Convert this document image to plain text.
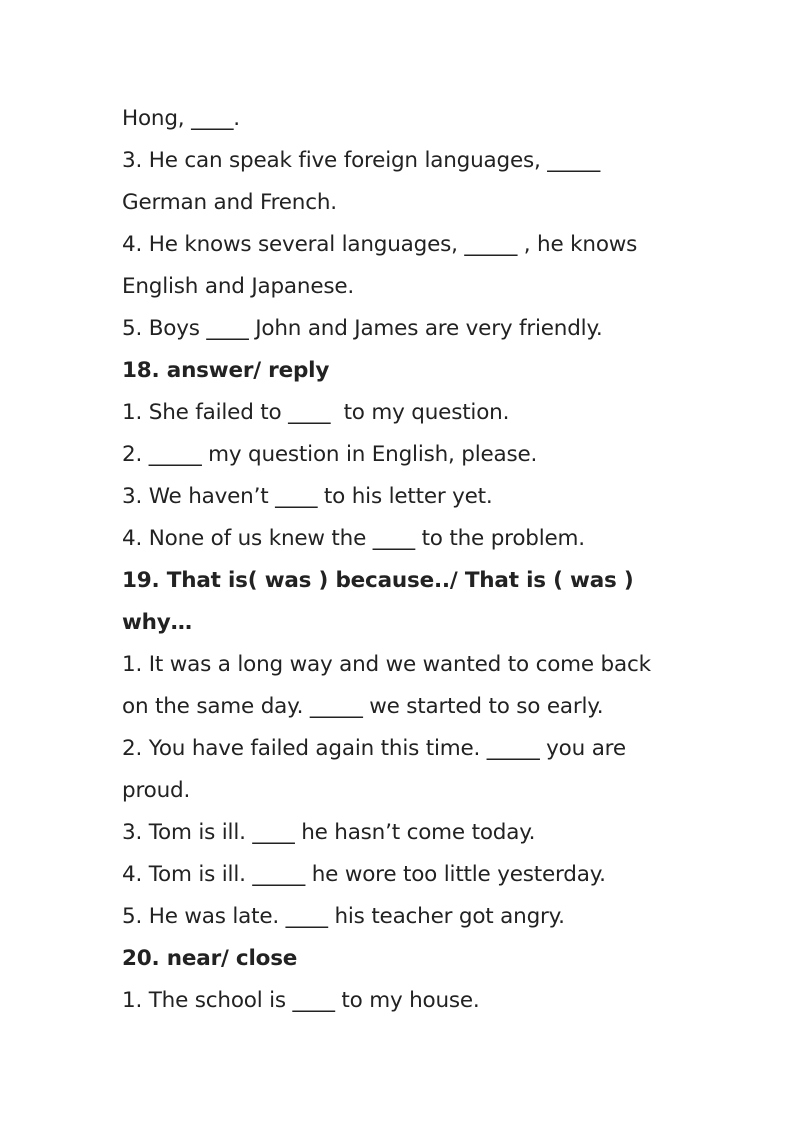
Hong, ____.
3. He can speak five foreign languages, _____
German and French.
4. He knows several languages, _____ , he knows
English and Japanese.
5. Boys ____ John and James are very friendly.
18. answer/ reply
1. She failed to ____  to my question.
2. _____ my question in English, please.
3. We haven’t ____ to his letter yet.
4. None of us knew the ____ to the problem.
19. That is( was ) because../ That is ( was )
why…
1. It was a long way and we wanted to come back
on the same day. _____ we started to so early.
2. You have failed again this time. _____ you are
proud.
3. Tom is ill. ____ he hasn’t come today.
4. Tom is ill. _____ he wore too little yesterday.
5. He was late. ____ his teacher got angry.
20. near/ close
1. The school is ____ to my house.
